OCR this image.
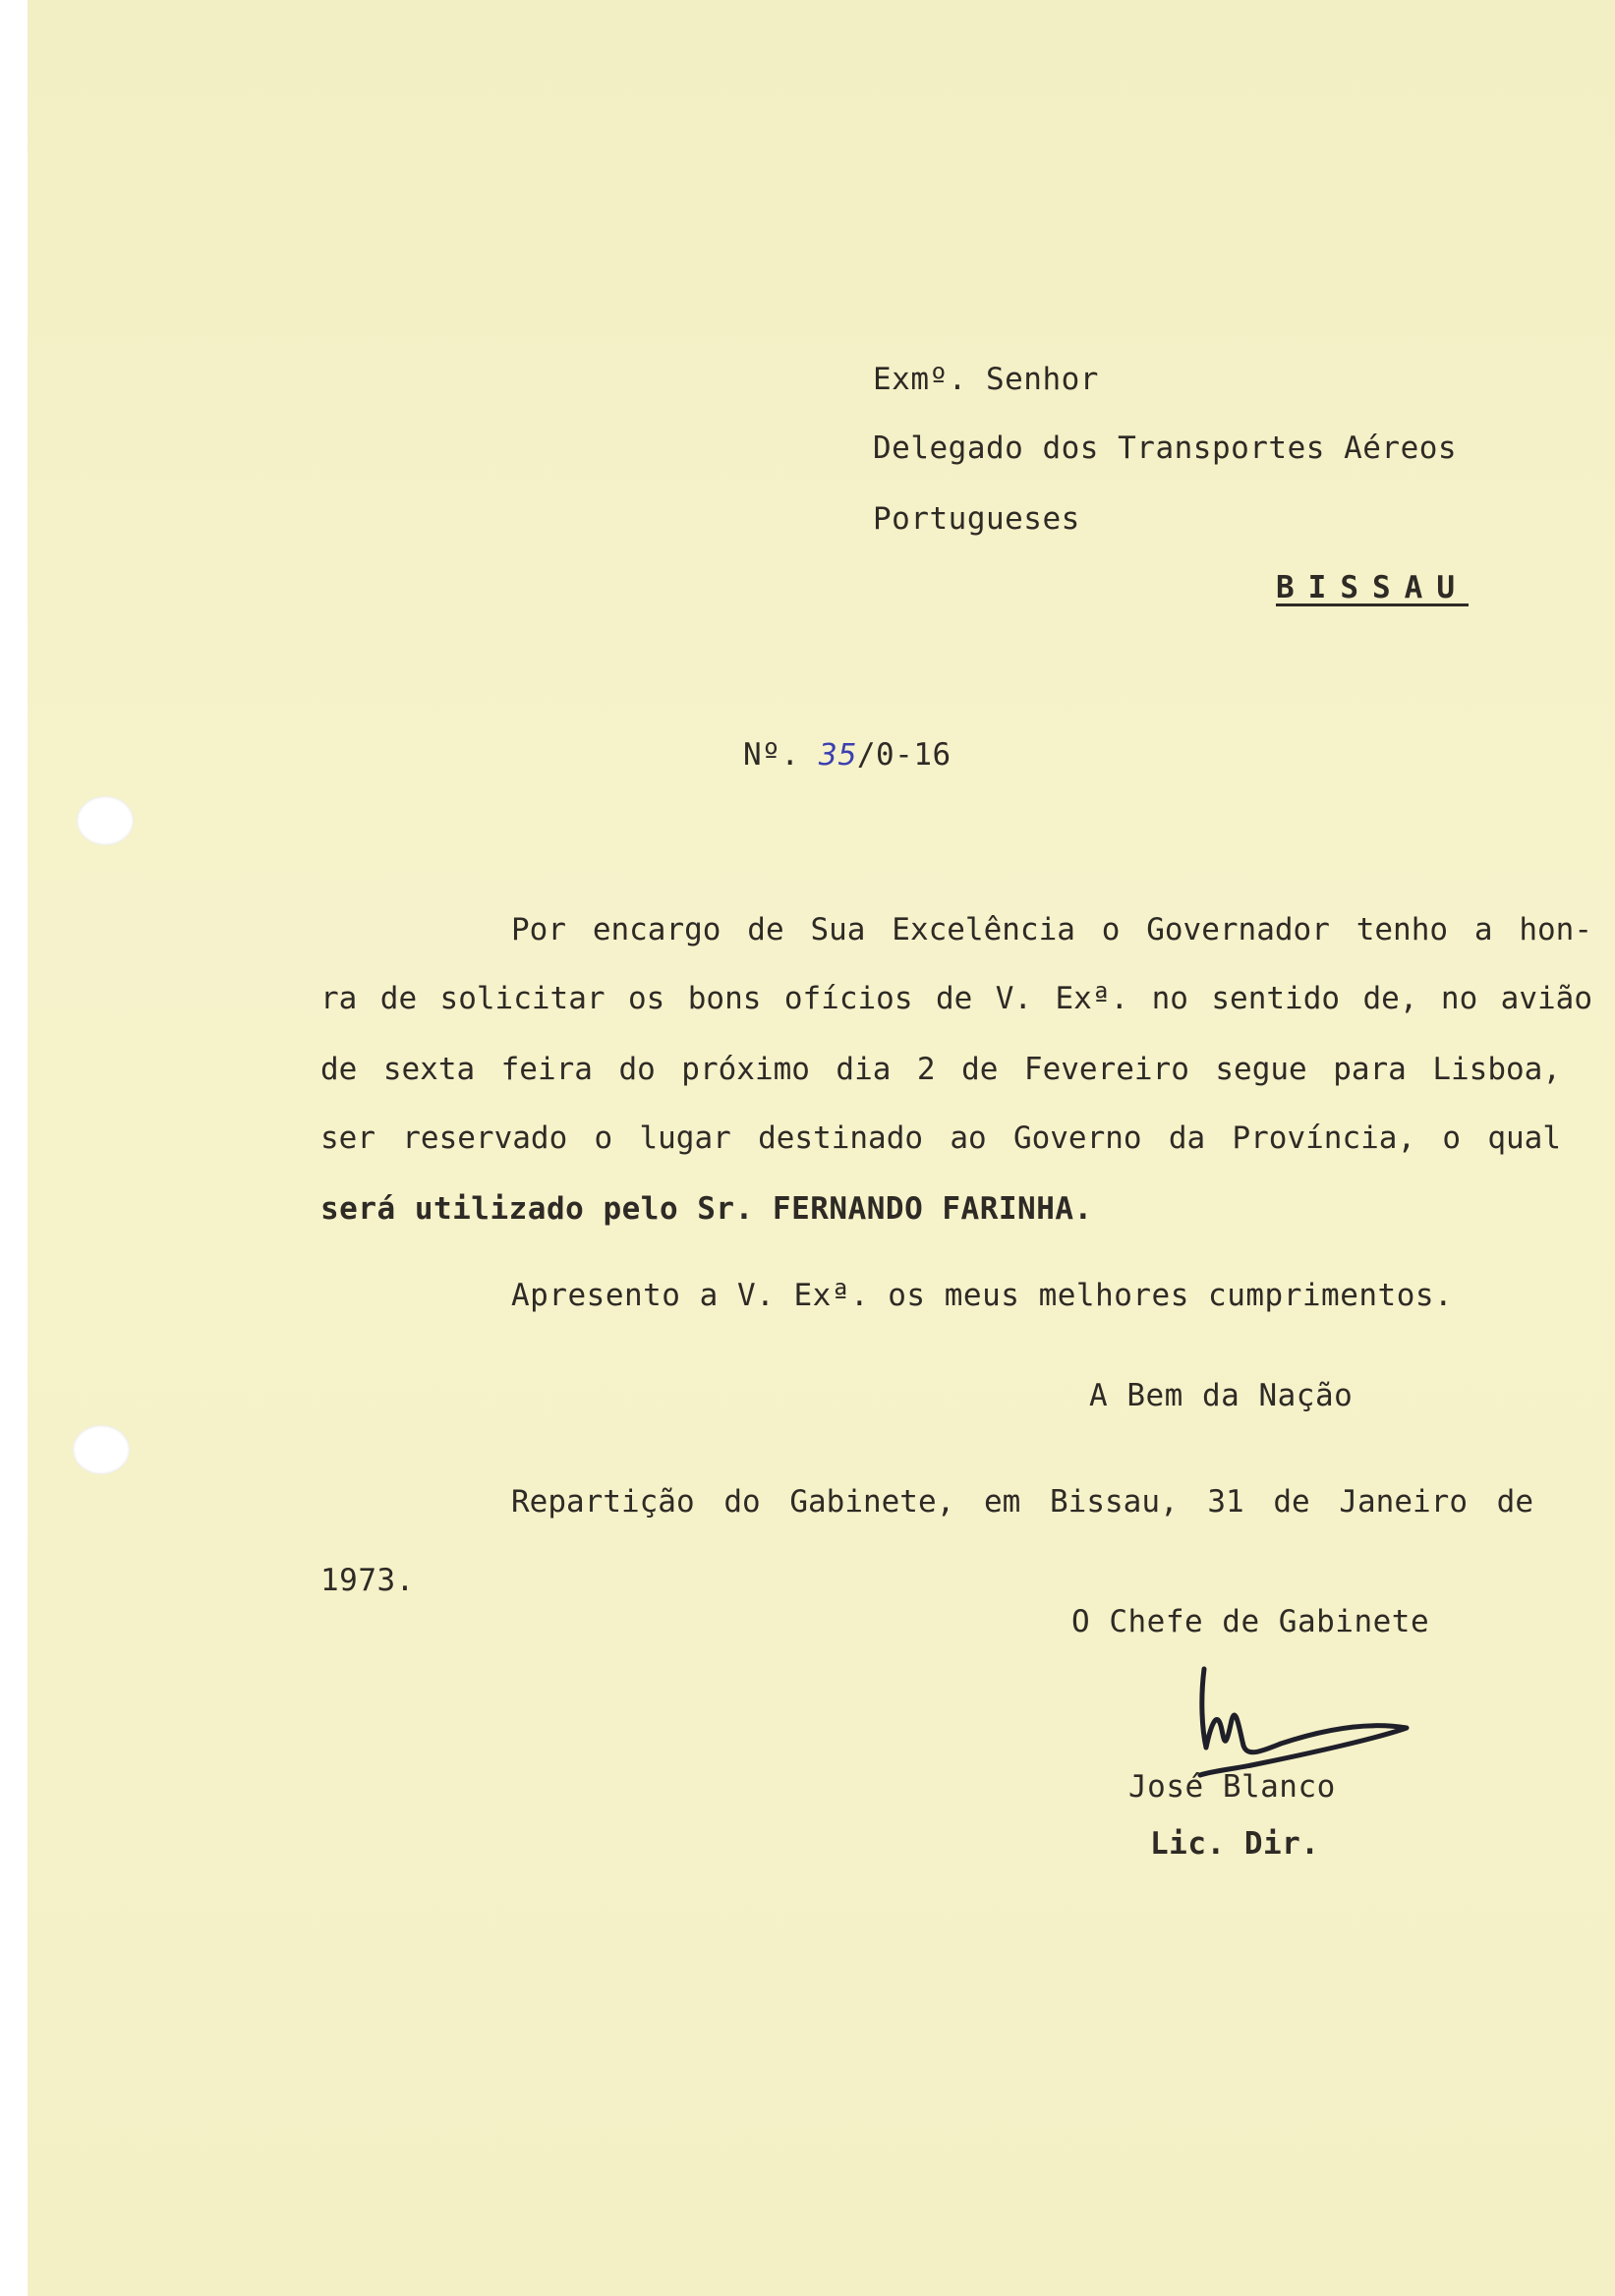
Exmº. Senhor
Delegado dos Transportes Aéreos
Portugueses
BISSAU
Nº. 35/0-16
Por encargo de Sua Excelência o Governador tenho a hon-
ra de solicitar os bons ofícios de V. Exª. no sentido de, no avião
de sexta feira do próximo dia 2 de Fevereiro segue para Lisboa,
ser reservado o lugar destinado ao Governo da Província, o qual
será utilizado pelo Sr. FERNANDO FARINHA.
Apresento a V. Exª. os meus melhores cumprimentos.
A Bem da Nação
Repartição do Gabinete, em Bissau, 31 de Janeiro de
1973.
O Chefe de Gabinete
José Blanco
Lic. Dir.
